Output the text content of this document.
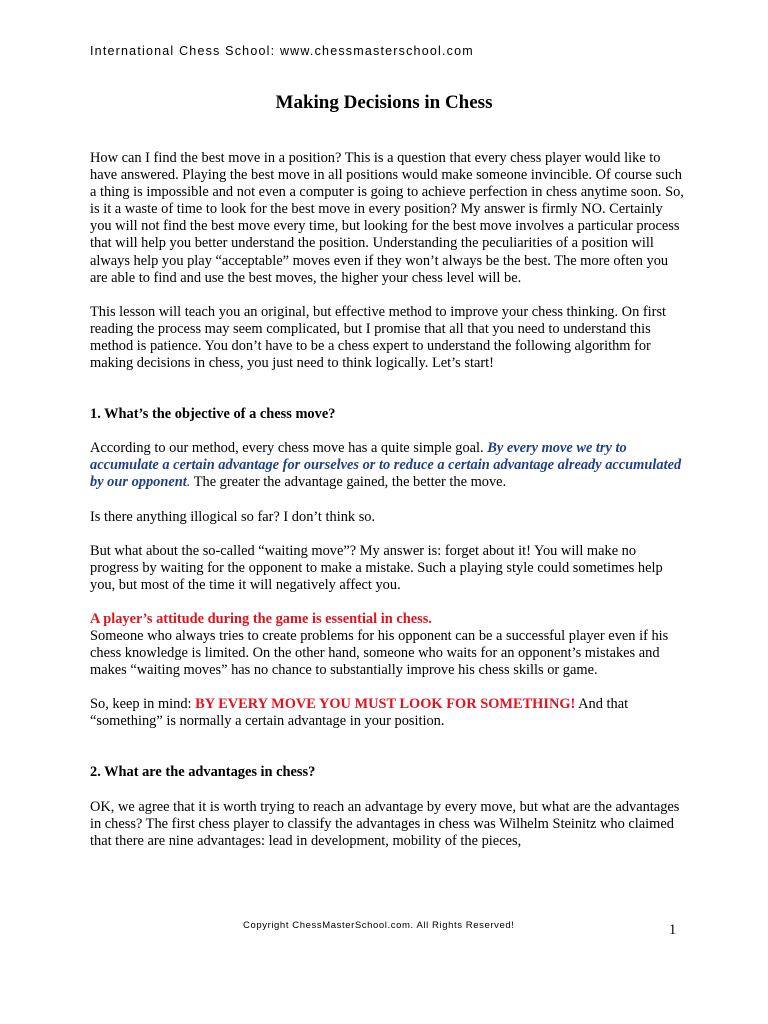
International Chess School: www.chessmasterschool.com
Making Decisions in Chess

How can I find the best move in a position? This is a question that every chess player would like to have answered. Playing the best move in all positions would make someone invincible. Of course such a thing is impossible and not even a computer is going to achieve perfection in chess anytime soon. So, is it a waste of time to look for the best move in every position? My answer is firmly NO. Certainly you will not find the best move every time, but looking for the best move involves a particular process that will help you better understand the position. Understanding the peculiarities of a position will always help you play “acceptable” moves even if they won’t always be the best. The more often you are able to find and use the best moves, the higher your chess level will be.

This lesson will teach you an original, but effective method to improve your chess thinking. On first reading the process may seem complicated, but I promise that all that you need to understand this method is patience. You don’t have to be a chess expert to understand the following algorithm for making decisions in chess, you just need to think logically. Let’s start!

1. What’s the objective of a chess move?

According to our method, every chess move has a quite simple goal. By every move we try to accumulate a certain advantage for ourselves or to reduce a certain advantage already accumulated by our opponent. The greater the advantage gained, the better the move.

Is there anything illogical so far? I don’t think so.

But what about the so-called “waiting move”? My answer is: forget about it! You will make no progress by waiting for the opponent to make a mistake. Such a playing style could sometimes help you, but most of the time it will negatively affect you.

A player’s attitude during the game is essential in chess.
Someone who always tries to create problems for his opponent can be a successful player even if his chess knowledge is limited. On the other hand, someone who waits for an opponent’s mistakes and makes “waiting moves” has no chance to substantially improve his chess skills or game.

So, keep in mind: BY EVERY MOVE YOU MUST LOOK FOR SOMETHING! And that “something” is normally a certain advantage in your position.

2. What are the advantages in chess?

OK, we agree that it is worth trying to reach an advantage by every move, but what are the advantages in chess? The first chess player to classify the advantages in chess was Wilhelm Steinitz who claimed that there are nine advantages: lead in development, mobility of the pieces,

Copyright ChessMasterSchool.com. All Rights Reserved!	1
